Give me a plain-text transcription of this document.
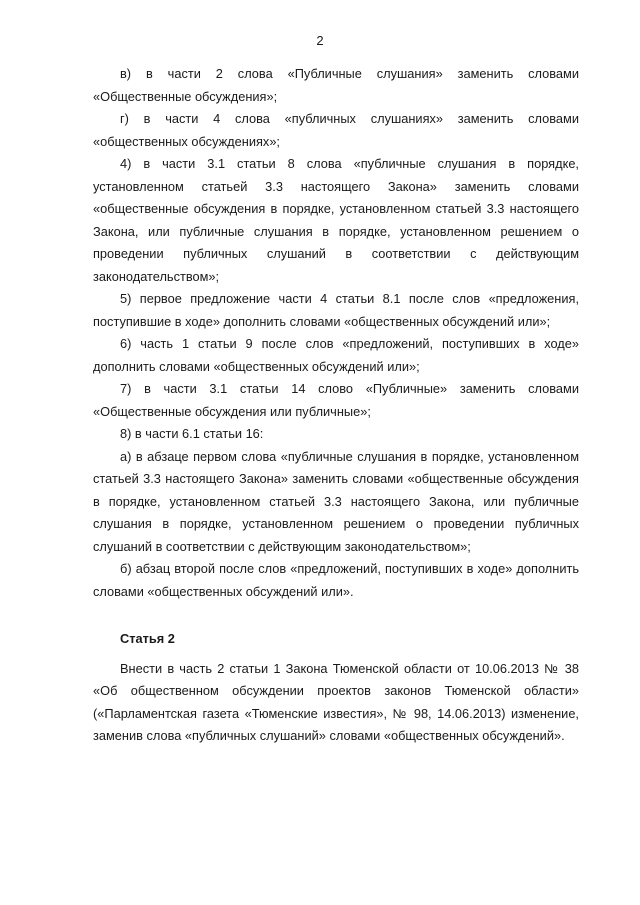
2

в) в части 2 слова «Публичные слушания» заменить словами «Общественные обсуждения»;

г) в части 4 слова «публичных слушаниях» заменить словами «общественных обсуждениях»;

4) в части 3.1 статьи 8 слова «публичные слушания в порядке, установленном статьей 3.3 настоящего Закона» заменить словами «общественные обсуждения в порядке, установленном статьей 3.3 настоящего Закона, или публичные слушания в порядке, установленном решением о проведении публичных слушаний в соответствии с действующим законодательством»;

5) первое предложение части 4 статьи 8.1 после слов «предложения, поступившие в ходе» дополнить словами «общественных обсуждений или»;

6) часть 1 статьи 9 после слов «предложений, поступивших в ходе» дополнить словами «общественных обсуждений или»;

7) в части 3.1 статьи 14 слово «Публичные» заменить словами «Общественные обсуждения или публичные»;

8) в части 6.1 статьи 16:

а) в абзаце первом слова «публичные слушания в порядке, установленном статьей 3.3 настоящего Закона» заменить словами «общественные обсуждения в порядке, установленном статьей 3.3 настоящего Закона, или публичные слушания в порядке, установленном решением о проведении публичных слушаний в соответствии с действующим законодательством»;

б) абзац второй после слов «предложений, поступивших в ходе» дополнить словами «общественных обсуждений или».

Статья 2

Внести в часть 2 статьи 1 Закона Тюменской области от 10.06.2013 № 38 «Об общественном обсуждении проектов законов Тюменской области» («Парламентская газета «Тюменские известия», № 98, 14.06.2013) изменение, заменив слова «публичных слушаний» словами «общественных обсуждений».
